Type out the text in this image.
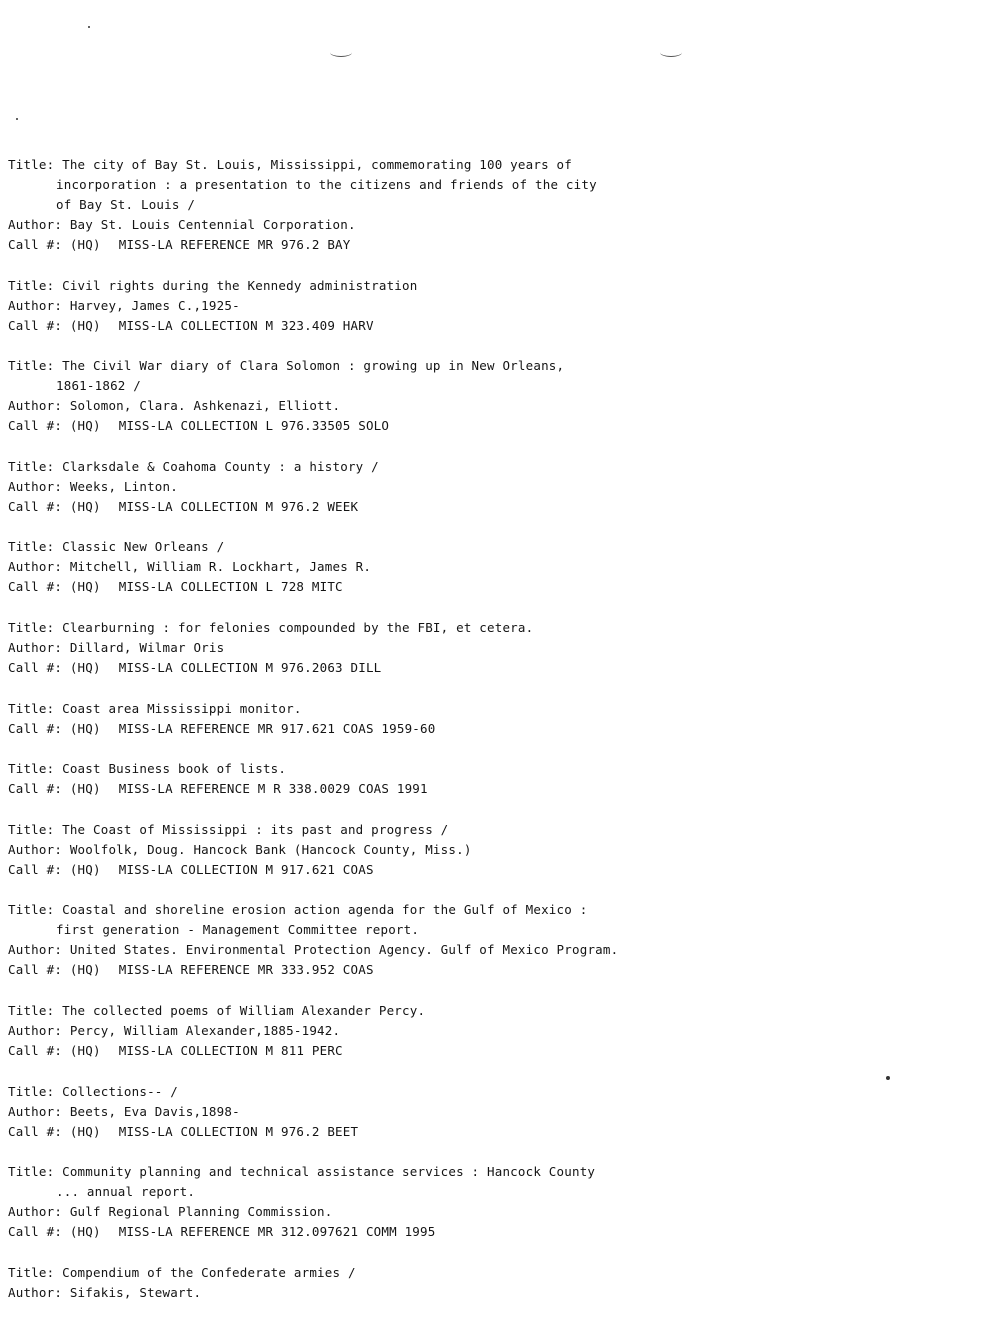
Title: The city of Bay St. Louis, Mississippi, commemorating 100 years of
incorporation : a presentation to the citizens and friends of the city
of Bay St. Louis /
Author: Bay St. Louis Centennial Corporation.
Call #: (HQ) MISS-LA REFERENCE MR 976.2 BAY
Title: Civil rights during the Kennedy administration
Author: Harvey, James C.,1925-
Call #: (HQ) MISS-LA COLLECTION M 323.409 HARV
Title: The Civil War diary of Clara Solomon : growing up in New Orleans,
1861-1862 /
Author: Solomon, Clara. Ashkenazi, Elliott.
Call #: (HQ) MISS-LA COLLECTION L 976.33505 SOLO
Title: Clarksdale & Coahoma County : a history /
Author: Weeks, Linton.
Call #: (HQ) MISS-LA COLLECTION M 976.2 WEEK
Title: Classic New Orleans /
Author: Mitchell, William R. Lockhart, James R.
Call #: (HQ) MISS-LA COLLECTION L 728 MITC
Title: Clearburning : for felonies compounded by the FBI, et cetera.
Author: Dillard, Wilmar Oris
Call #: (HQ) MISS-LA COLLECTION M 976.2063 DILL
Title: Coast area Mississippi monitor.
Call #: (HQ) MISS-LA REFERENCE MR 917.621 COAS 1959-60
Title: Coast Business book of lists.
Call #: (HQ) MISS-LA REFERENCE M R 338.0029 COAS 1991
Title: The Coast of Mississippi : its past and progress /
Author: Woolfolk, Doug. Hancock Bank (Hancock County, Miss.)
Call #: (HQ) MISS-LA COLLECTION M 917.621 COAS
Title: Coastal and shoreline erosion action agenda for the Gulf of Mexico :
first generation - Management Committee report.
Author: United States. Environmental Protection Agency. Gulf of Mexico Program.
Call #: (HQ) MISS-LA REFERENCE MR 333.952 COAS
Title: The collected poems of William Alexander Percy.
Author: Percy, William Alexander,1885-1942.
Call #: (HQ) MISS-LA COLLECTION M 811 PERC
Title: Collections-- /
Author: Beets, Eva Davis,1898-
Call #: (HQ) MISS-LA COLLECTION M 976.2 BEET
Title: Community planning and technical assistance services : Hancock County
... annual report.
Author: Gulf Regional Planning Commission.
Call #: (HQ) MISS-LA REFERENCE MR 312.097621 COMM 1995
Title: Compendium of the Confederate armies /
Author: Sifakis, Stewart.
